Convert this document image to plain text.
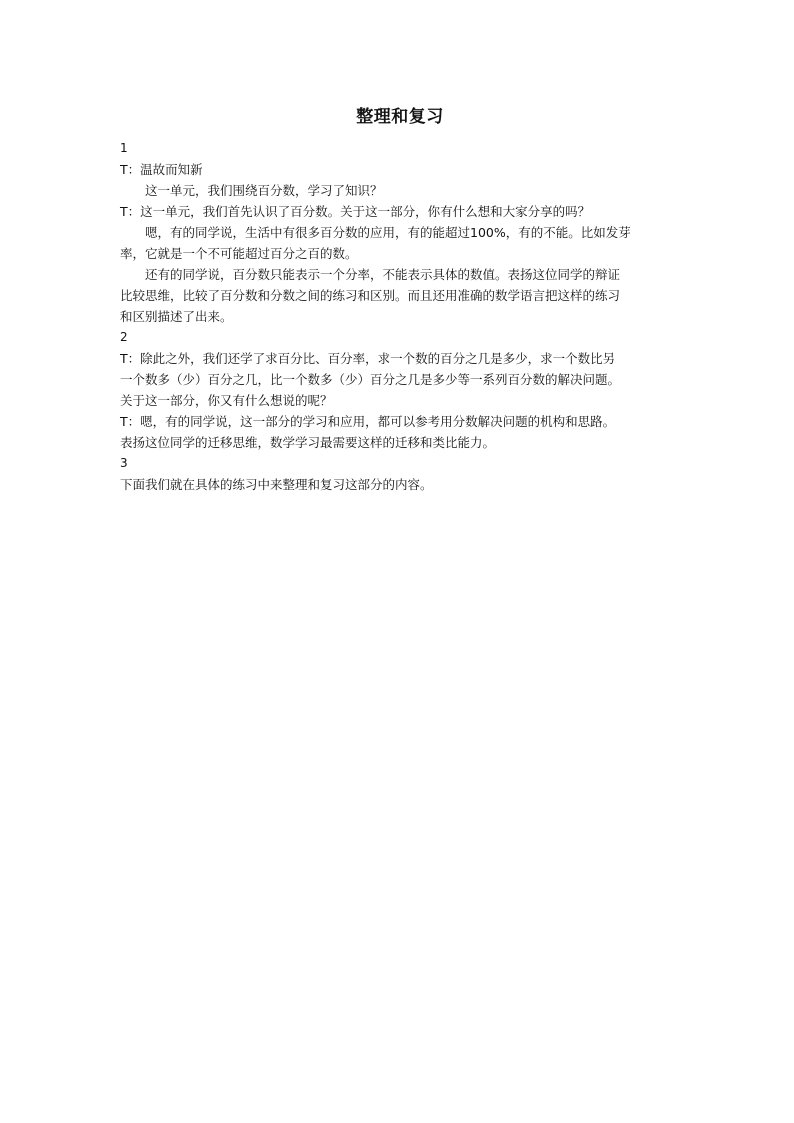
整理和复习
1
T：温故而知新
这一单元，我们围绕百分数，学习了知识？
T：这一单元，我们首先认识了百分数。关于这一部分，你有什么想和大家分享的吗？
嗯，有的同学说，生活中有很多百分数的应用，有的能超过100%，有的不能。比如发芽
率，它就是一个不可能超过百分之百的数。
还有的同学说，百分数只能表示一个分率，不能表示具体的数值。表扬这位同学的辩证
比较思维，比较了百分数和分数之间的练习和区别。而且还用准确的数学语言把这样的练习
和区别描述了出来。
2
T：除此之外，我们还学了求百分比、百分率，求一个数的百分之几是多少，求一个数比另
一个数多（少）百分之几，比一个数多（少）百分之几是多少等一系列百分数的解决问题。
关于这一部分，你又有什么想说的呢？
T：嗯，有的同学说，这一部分的学习和应用，都可以参考用分数解决问题的机构和思路。
表扬这位同学的迁移思维，数学学习最需要这样的迁移和类比能力。
3
下面我们就在具体的练习中来整理和复习这部分的内容。
